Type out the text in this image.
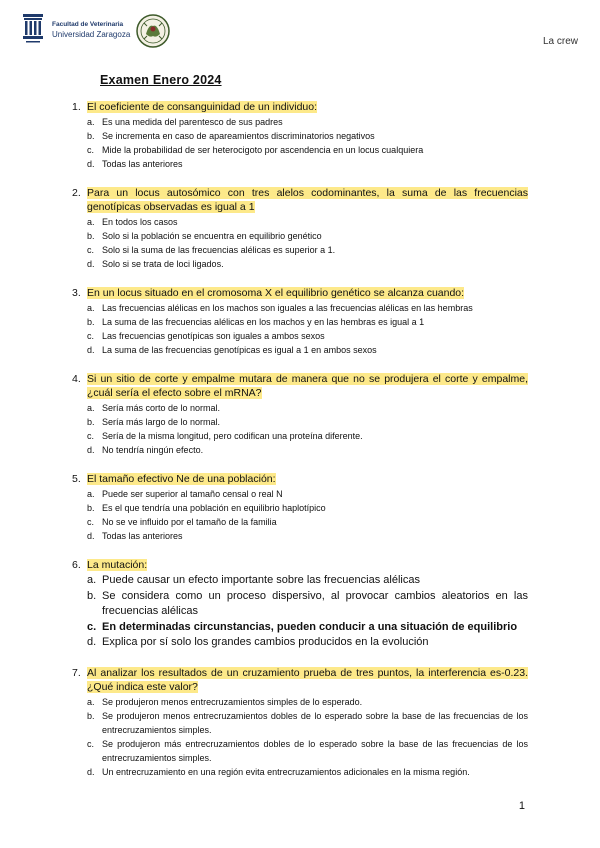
Facultad de Veterinaria
Universidad Zaragoza
La crew
Examen Enero 2024
1. El coeficiente de consanguinidad de un individuo:
a. Es una medida del parentesco de sus padres
b. Se incrementa en caso de apareamientos discriminatorios negativos
c. Mide la probabilidad de ser heterocigoto por ascendencia en un locus cualquiera
d. Todas las anteriores
2. Para un locus autosómico con tres alelos codominantes, la suma de las frecuencias genotípicas observadas es igual a 1
a. En todos los casos
b. Solo si la población se encuentra en equilibrio genético
c. Solo si la suma de las frecuencias alélicas es superior a 1.
d. Solo si se trata de loci ligados.
3. En un locus situado en el cromosoma X el equilibrio genético se alcanza cuando:
a. Las frecuencias alélicas en los machos son iguales a las frecuencias alélicas en las hembras
b. La suma de las frecuencias alélicas en los machos y en las hembras es igual a 1
c. Las frecuencias genotípicas son iguales a ambos sexos
d. La suma de las frecuencias genotípicas es igual a 1 en ambos sexos
4. Si un sitio de corte y empalme mutara de manera que no se produjera el corte y empalme, ¿cuál sería el efecto sobre el mRNA?
a. Sería más corto de lo normal.
b. Sería más largo de lo normal.
c. Sería de la misma longitud, pero codifican una proteína diferente.
d. No tendría ningún efecto.
5. El tamaño efectivo Ne de una población:
a. Puede ser superior al tamaño censal o real N
b. Es el que tendría una población en equilibrio haplotípico
c. No se ve influido por el tamaño de la familia
d. Todas las anteriores
6. La mutación:
a. Puede causar un efecto importante sobre las frecuencias alélicas
b. Se considera como un proceso dispersivo, al provocar cambios aleatorios en las frecuencias alélicas
c. En determinadas circunstancias, pueden conducir a una situación de equilibrio
d. Explica por sí solo los grandes cambios producidos en la evolución
7. Al analizar los resultados de un cruzamiento prueba de tres puntos, la interferencia es-0.23. ¿Qué indica este valor?
a. Se produjeron menos entrecruzamientos simples de lo esperado.
b. Se produjeron menos entrecruzamientos dobles de lo esperado sobre la base de las frecuencias de los entrecruzamientos simples.
c. Se produjeron más entrecruzamientos dobles de lo esperado sobre la base de las frecuencias de los entrecruzamientos simples.
d. Un entrecruzamiento en una región evita entrecruzamientos adicionales en la misma región.
1
